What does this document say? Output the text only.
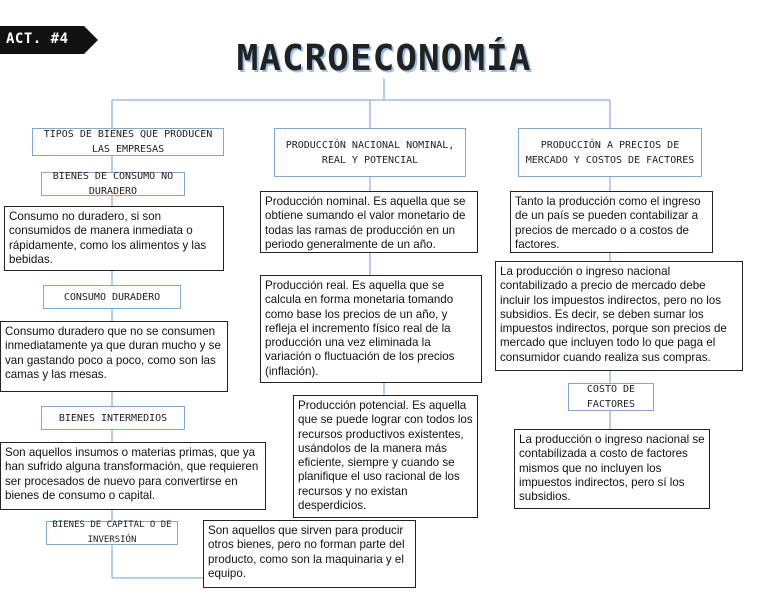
ACT. #4	MACROECONOMÍA
TIPOS DE BIENES QUE PRODUCEN LAS EMPRESAS
BIENES DE CONSUMO NO DURADERO
Consumo no duradero, si son consumidos de manera inmediata o rápidamente, como los alimentos y las bebidas.
CONSUMO DURADERO
Consumo duradero que no se consumen inmediatamente ya que duran mucho y se van gastando poco a poco, como son las camas y las mesas.
BIENES INTERMEDIOS
Son aquellos insumos o materias primas, que ya han sufrido alguna transformación, que requieren ser procesados de nuevo para convertirse en bienes de consumo o capital.
BIENES DE CAPITAL O DE INVERSIÓN
Son aquellos que sirven para producir otros bienes, pero no forman parte del producto, como son la maquinaria y el equipo.
PRODUCCIÓN NACIONAL NOMINAL, REAL Y POTENCIAL
Producción nominal. Es aquella que se obtiene sumando el valor monetario de todas las ramas de producción en un periodo generalmente de un año.
Producción real. Es aquella que se calcula en forma monetaria tomando como base los precios de un año, y refleja el incremento físico real de la producción una vez eliminada la variación o fluctuación de los precios (inflación).
Producción potencial. Es aquella que se puede lograr con todos los recursos productivos existentes, usándolos de la manera más eficiente, siempre y cuando se planifique el uso racional de los recursos y no existan desperdicios.
PRODUCCIÓN A PRECIOS DE MERCADO Y COSTOS DE FACTORES
Tanto la producción como el ingreso de un país se pueden contabilizar a precios de mercado o a costos de factores.
La producción o ingreso nacional contabilizado a precio de mercado debe incluir los impuestos indirectos, pero no los subsidios. Es decir, se deben sumar los impuestos indirectos, porque son precios de mercado que incluyen todo lo que paga el consumidor cuando realiza sus compras.
COSTO DE FACTORES
La producción o ingreso nacional se contabilizada a costo de factores mismos que no incluyen los impuestos indirectos, pero sí los subsidios.
